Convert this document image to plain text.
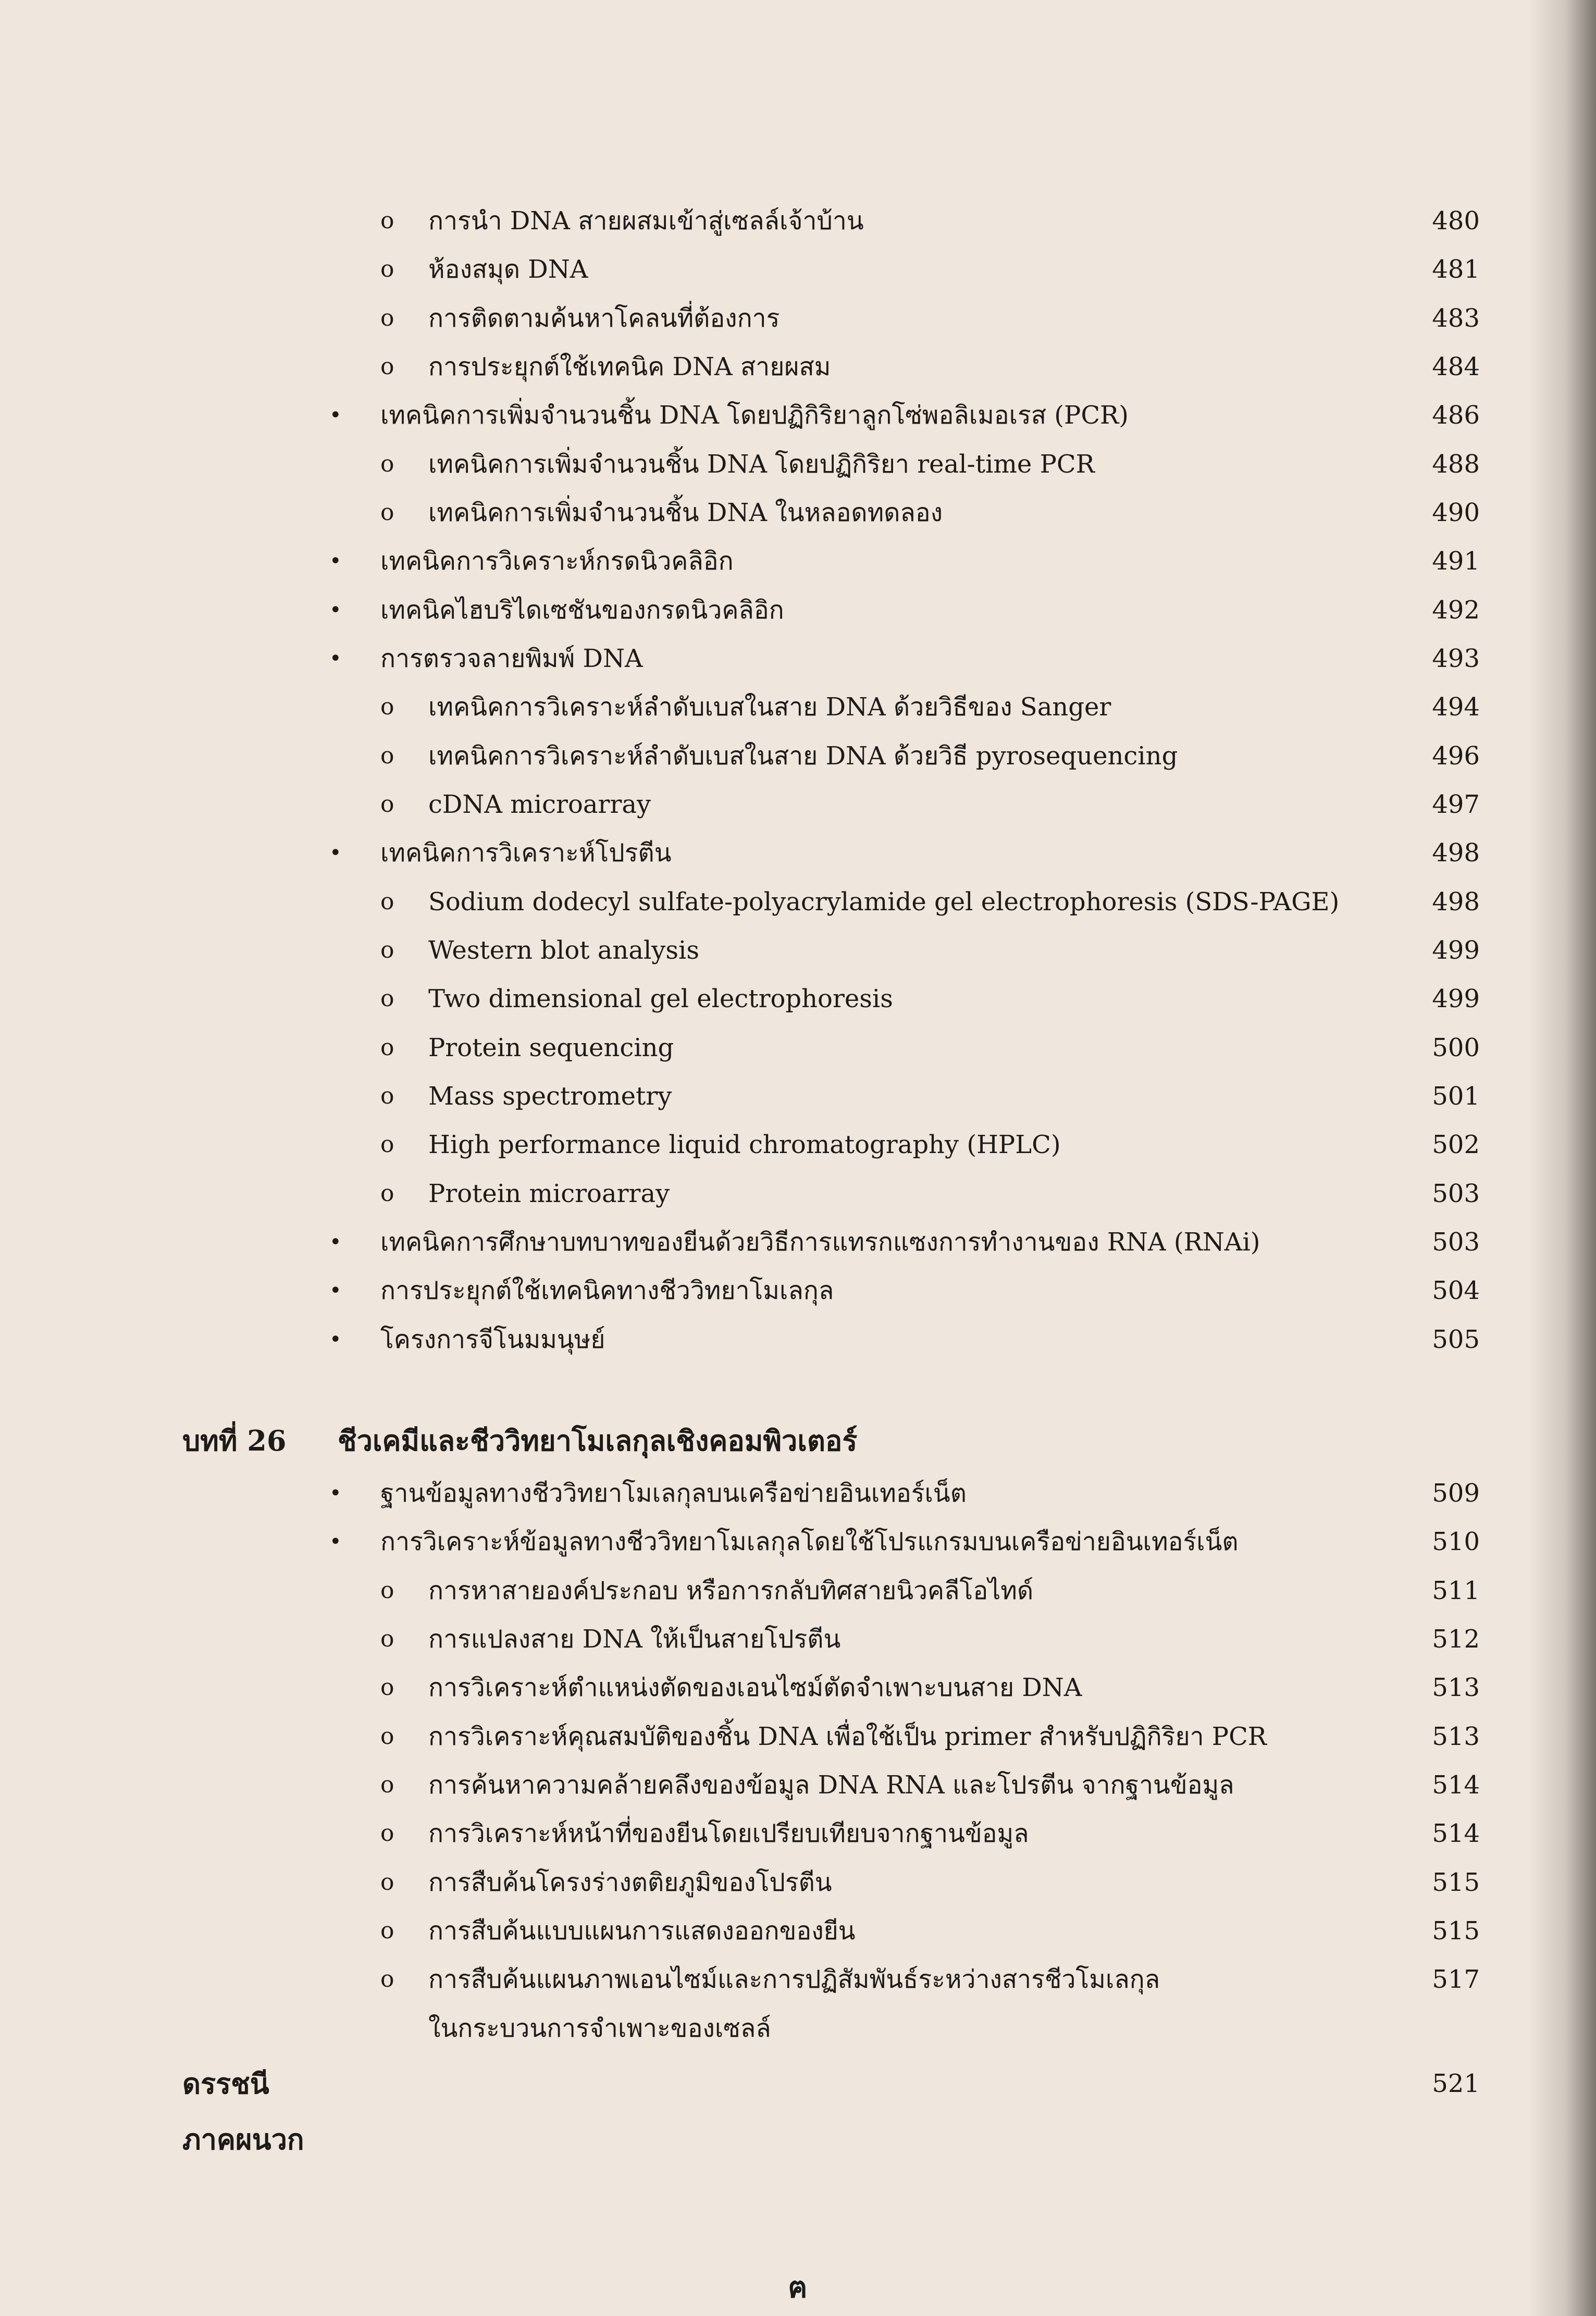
o การนำ DNA สายผสมเข้าสู่เซลล์เจ้าบ้าน	480
o ห้องสมุด DNA	481
o การติดตามค้นหาโคลนที่ต้องการ	483
o การประยุกต์ใช้เทคนิค DNA สายผสม	484
• เทคนิคการเพิ่มจำนวนชิ้น DNA โดยปฏิกิริยาลูกโซ่พอลิเมอเรส (PCR)	486
o เทคนิคการเพิ่มจำนวนชิ้น DNA โดยปฏิกิริยา real-time PCR	488
o เทคนิคการเพิ่มจำนวนชิ้น DNA ในหลอดทดลอง	490
• เทคนิคการวิเคราะห์กรดนิวคลิอิก	491
• เทคนิคไฮบริไดเซชันของกรดนิวคลิอิก	492
• การตรวจลายพิมพ์ DNA	493
o เทคนิคการวิเคราะห์ลำดับเบสในสาย DNA ด้วยวิธีของ Sanger	494
o เทคนิคการวิเคราะห์ลำดับเบสในสาย DNA ด้วยวิธี pyrosequencing	496
o cDNA microarray	497
• เทคนิคการวิเคราะห์โปรตีน	498
o Sodium dodecyl sulfate-polyacrylamide gel electrophoresis (SDS-PAGE)	498
o Western blot analysis	499
o Two dimensional gel electrophoresis	499
o Protein sequencing	500
o Mass spectrometry	501
o High performance liquid chromatography (HPLC)	502
o Protein microarray	503
• เทคนิคการศึกษาบทบาทของยีนด้วยวิธีการแทรกแซงการทำงานของ RNA (RNAi)	503
• การประยุกต์ใช้เทคนิคทางชีววิทยาโมเลกุล	504
• โครงการจีโนมมนุษย์	505
บทที่ 26 ชีวเคมีและชีววิทยาโมเลกุลเชิงคอมพิวเตอร์
• ฐานข้อมูลทางชีววิทยาโมเลกุลบนเครือข่ายอินเทอร์เน็ต	509
• การวิเคราะห์ข้อมูลทางชีววิทยาโมเลกุลโดยใช้โปรแกรมบนเครือข่ายอินเทอร์เน็ต	510
o การหาสายองค์ประกอบ หรือการกลับทิศสายนิวคลีโอไทด์	511
o การแปลงสาย DNA ให้เป็นสายโปรตีน	512
o การวิเคราะห์ตำแหน่งตัดของเอนไซม์ตัดจำเพาะบนสาย DNA	513
o การวิเคราะห์คุณสมบัติของชิ้น DNA เพื่อใช้เป็น primer สำหรับปฏิกิริยา PCR	513
o การค้นหาความคล้ายคลึงของข้อมูล DNA RNA และโปรตีน จากฐานข้อมูล	514
o การวิเคราะห์หน้าที่ของยีนโดยเปรียบเทียบจากฐานข้อมูล	514
o การสืบค้นโครงร่างตติยภูมิของโปรตีน	515
o การสืบค้นแบบแผนการแสดงออกของยีน	515
o การสืบค้นแผนภาพเอนไซม์และการปฏิสัมพันธ์ระหว่างสารชีวโมเลกุล	517
ในกระบวนการจำเพาะของเซลล์
ดรรชนี	521
ภาคผนวก
ฅ
